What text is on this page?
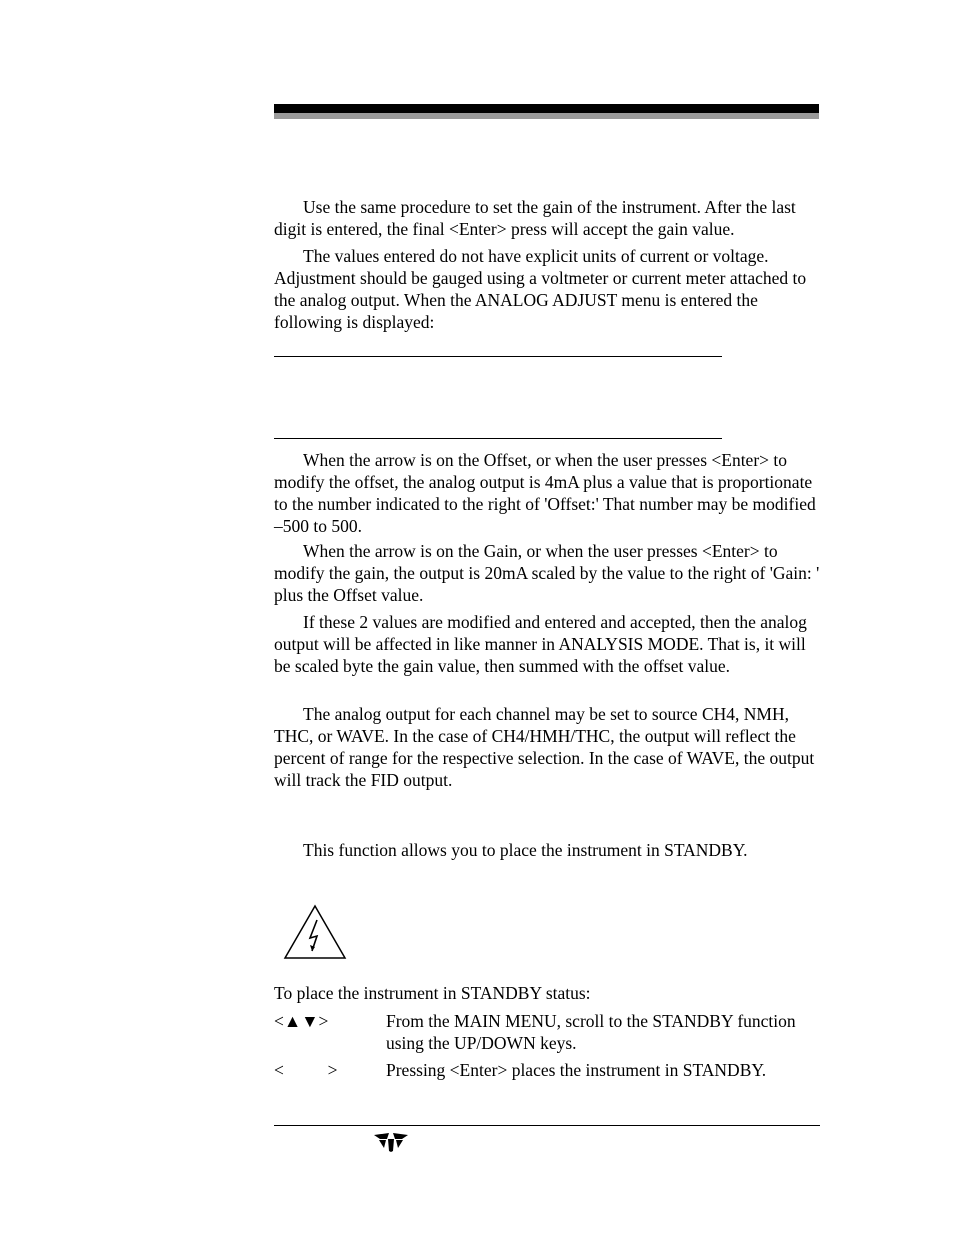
Use the same procedure to set the gain of the instrument. After the last digit is entered, the final <Enter> press will accept the gain value.

The values entered do not have explicit units of current or voltage. Adjustment should be gauged using a voltmeter or current meter attached to the analog output. When the ANALOG ADJUST menu is entered the following is displayed:

When the arrow is on the Offset, or when the user presses <Enter> to modify the offset, the analog output is 4mA plus a value that is proportionate to the number indicated to the right of 'Offset:' That number may be modified –500 to 500.

When the arrow is on the Gain, or when the user presses <Enter> to modify the gain, the output is 20mA scaled by the value to the right of 'Gain: ' plus the Offset value.

If these 2 values are modified and entered and accepted, then the analog output will be affected in like manner in ANALYSIS MODE. That is, it will be scaled byte the gain value, then summed with the offset value.

The analog output for each channel may be set to source CH4, NMH, THC, or WAVE. In the case of CH4/HMH/THC, the output will reflect the percent of range for the respective selection. In the case of WAVE, the output will track the FID output.

This function allows you to place the instrument in STANDBY.

To place the instrument in STANDBY status:

<▲▼>	From the MAIN MENU, scroll to the STANDBY function using the UP/DOWN keys.

<          >	Pressing <Enter> places the instrument in STANDBY.
